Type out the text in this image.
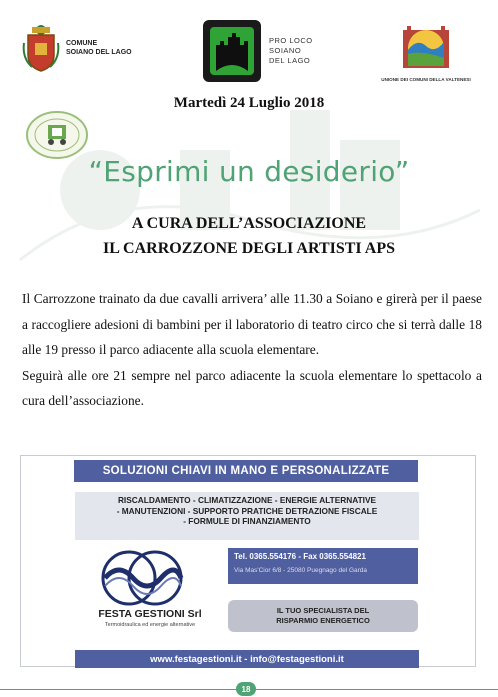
COMUNE
SOIANO DEL LAGO
PRO LOCO
SOIANO
DEL LAGO
UNIONE DEI COMUNI DELLA VALTENESI
Martedì 24 Luglio 2018
“Esprimi un desiderio”
A CURA DELL’ASSOCIAZIONE
IL CARROZZONE DEGLI ARTISTI APS

Il Carrozzone trainato da due cavalli arrivera’ alle 11.30 a Soiano e girerà per il paese a raccogliere adesioni di bambini per il laboratorio di teatro circo che si terrà dalle 18 alle 19 presso il parco adiacente alla scuola elementare.

Seguirà alle ore 21 sempre nel parco adiacente la scuola elementare lo spettacolo a cura dell’associazione.

SOLUZIONI CHIAVI IN MANO E PERSONALIZZATE
RISCALDAMENTO - CLIMATIZZAZIONE - ENERGIE ALTERNATIVE
- MANUTENZIONI - SUPPORTO PRATICHE DETRAZIONE FISCALE
- FORMULE DI FINANZIAMENTO
FESTA GESTIONI Srl
Termoidraulica ed energie alternative
Tel. 0365.554176 - Fax 0365.554821
Via Mas'Cior 6/8 - 25080 Puegnago del Garda
IL TUO SPECIALISTA DEL
RISPARMIO ENERGETICO
www.festagestioni.it - info@festagestioni.it
18
